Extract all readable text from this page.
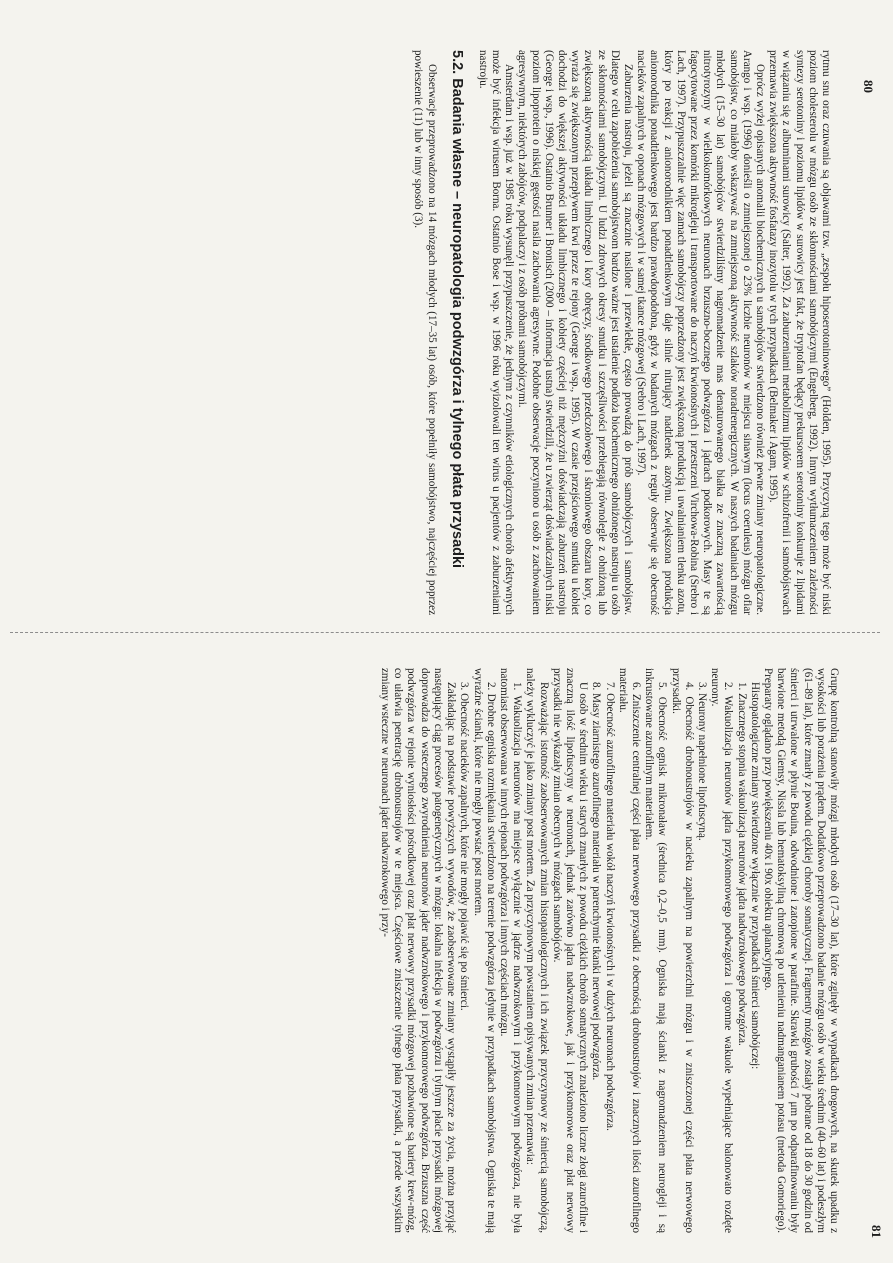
80

rytmu snu oraz czuwania są objawami tzw. „zespołu hiposerotoninowego” (Holden, 1995). Przyczyną tego może być niski poziom cholesterolu w mózgu osób ze skłonnościami samobójczymi (Engelberg, 1992). Innym wytłumaczeniem zależności syntezy serotoniny i poziomu lipidów w surowicy jest fakt, że tryptofan będący prekursorem serotoniny konkuruje z lipidami w wiązaniu się z albuminami surowicy (Salter, 1992). Za zaburzeniami metabolizmu lipidów w schizofrenii i samobójstwach przemawia zwiększona aktywność fosfatazy inozytolu w tych przypadkach (Belmaker i Agam, 1995).

Oprócz wyżej opisanych anomalii biochemicznych u samobójców stwierdzono również pewne zmiany neuropatologiczne. Arango i wsp. (1996) donieśli o zmniejszonej o 23% liczbie neuronów w miejscu sinawym (locus coeruleus) mózgu ofiar samobójstw, co miałoby wskazywać na zmniejszoną aktywność szlaków noradrenergicznych. W naszych badaniach mózgu młodych (15–30 lat) samobójców stwierdziliśmy nagromadzenie mas denaturowanego białka ze znaczną zawartością nitrotyrozyny w wielkokomórkowych neuronach brzuszno-bocznego podwzgórza i jądrach podkorowych. Masy te są fagocytowane przez komórki mikrogleju i transportowane do naczyń krwionośnych i przestrzeni Virchowa-Robina (Srebro i Lach, 1997). Przypuszczalnie więc zamach samobójczy poprzedzony jest zwiększoną produkcją i uwalnianiem tlenku azotu, który po reakcji z anionorodnikiem ponadtlenkowym daje silnie nitrujący nadtlenek azotynu. Zwiększona produkcja anionorodnika ponadtlenkowego jest bardzo prawdopodobna, gdyż w badanych mózgach z reguły obserwuje się obecność nacieków zapalnych w oponach mózgowych i w samej tkance mózgowej (Srebro i Lach, 1997).

Zaburzenia nastroju, jeżeli są znacznie nasilone i przewlekłe, często prowadzą do prób samobójczych i samobójstw. Dlatego w celu zapobieżenia samobójstwom bardzo ważne jest ustalenie podłoża biochemicznego obniżonego nastroju u osób ze skłonnościami samobójczymi. U ludzi zdrowych okresy smutku i szczęśliwości przebiegają równolegle z obniżoną lub zwiększoną aktywnością układu limbicznego i kory obręczy, środkowego przedczołowego i skroniowego obszaru kory, co wyraża się zwiększonym przepływem krwi przez te rejony (George i wsp., 1995). W czasie przejściowego smutku u kobiet dochodzi do większej aktywności układu limbicznego i kobiety częściej niż mężczyźni doświadczają zaburzeń nastroju (George i wsp., 1996). Ostatnio Brunner i Bronisch (2000 – informacja ustna) stwierdzili, że u zwierząt doświadczalnych niski poziom lipoprotein o niskiej gęstości nasila zachowania agresywne. Podobne obserwacje poczyniono u osób z zachowaniem agresywnym, niektórych zabójców, podpalaczy i z osób próbami samobójczymi.

Amsterdam i wsp. już w 1985 roku wysunęli przypuszczenie, że jednym z czynników etiologicznych chorób afektywnych może być infekcja wirusem Borna. Ostatnio Bose i wsp. w 1996 roku wyizolowali ten wirus u pacjentów z zaburzeniami nastroju.

5.2. Badania własne – neuropatologia podwzgórza i tylnego płata przysadki

Obserwacje przeprowadzono na 14 mózgach młodych (17–35 lat) osób, które popełniły samobójstwo, najczęściej poprzez powieszenie (11) lub w inny sposób (3).

81

Grupę kontrolną stanowiły mózgi młodych osób (17–30 lat), które zginęły w wypadkach drogowych, na skutek upadku z wysokości lub porażenia prądem. Dodatkowo przeprowadzono badanie mózgu osób w wieku średnim (40–60 lat) i podeszłym (61–89 lat), które zmarły z powodu ciężkiej choroby somatycznej. Fragmenty mózgów zostały pobrane od 18 do 30 godzin od śmierci i utrwalone w płynie Bouina, odwodnione i zatopione w parafinie. Skrawki grubości 7 μm po odparafinowaniu były barwione metodą Giemsy, Nissla lub hematoksyliną chromową po utlenieniu nadmanganianem potasu (metoda Gomoriego). Preparaty oglądano przy powiększeniu 40x i 90x obiektu aplanacyjnego.

Histopatologiczne zmiany stwierdzone wyłącznie w przypadkach śmierci samobójczej:

1. Znacznego stopnia wakuolizacja neuronów jądra nadwzrokowego podwzgórza.

2. Wakuolizacja neuronów jądra przykomorowego podwzgórza i ogromne wakuole wypełniające balonowato rozdęte neurony.

3. Neurony napełnione lipofuscyną.

4. Obecność drobnoustrojów w nacieku zapalnym na powierzchni mózgu i w zniszczonej części płata nerwowego przysadki.

5. Obecność ognisk mikronaław (średnica 0,2–0,5 mm). Ogniska mają ścianki z nagromadzeniem neurogleji i są inkrustowane azurofilnym materiałem.

6. Zniszczenie centralnej części płata nerwowego przysadki z obecnością drobnoustrojów i znacznych ilości azurofilnego materiału.

7. Obecność azurofilnego materiału wokół naczyń krwionośnych i w dużych neuronach podwzgórza.

8. Masy ziarnistego azurofilnego materiału w parenchymie tkanki nerwowej podwzgórza.

U osób w średnim wieku i starych zmarłych z powodu ciężkich chorób somatycznych znaleziono liczne złogi azurofilne i znaczną ilość lipofuscyny w neuronach, jednak zarówno jądra nadwzrokowe, jak i przykomorowe oraz płat nerwowy przysadki nie wykazały zmian obecnych w mózgach samobójców.

Rozważając istotność zaobserwowanych zmian histopatologicznych i ich związek przyczynowy ze śmiercią samobójczą, należy wykluczyć je jako zmiany post mortem. Za przyczynowym powstaniem opisywanych zmian przemawia:

1. Wakuolizacja neuronów ma miejsce wyłącznie w jądrze nadwzrokowym i przykomorowym podwzgórza, nie była natomiast obserwowana w innych rejonach podwzgórza i innych częściach mózgu.

2. Drobne ogniska rozmiękania stwierdzono na terenie podwzgórza jedynie w przypadkach samobójstwa. Ogniska te mają wyraźne ścianki, które nie mogły powstać post mortem.

3. Obecność nacieków zapalnych, które nie mogły pojawić się po śmierci.

Zakładając na podstawie powyższych wywodów, że zaobserwowane zmiany wystąpiły jeszcze za życia, można przyjąć następujący ciąg procesów patogenetycznych w mózgu: lokalna infekcja w podwzgórzu i tylnym płacie przysadki mózgowej doprowadza do wstecznego zwyrodnienia neuronów jąder nadwzrokowego i przykomorowego podwzgórza. Brzuszna część podwzgórza w rejonie wyniosłości pośrodkowej oraz płat nerwowy przysadki mózgowej pozbawione są bariery krew-mózg, co ułatwia penetrację drobnoustrojów w te miejsca. Częściowe zniszczenie tylnego płata przysadki, a przede wszystkim zmiany wsteczne w neuronach jąder nadwzrokowego i przy-
